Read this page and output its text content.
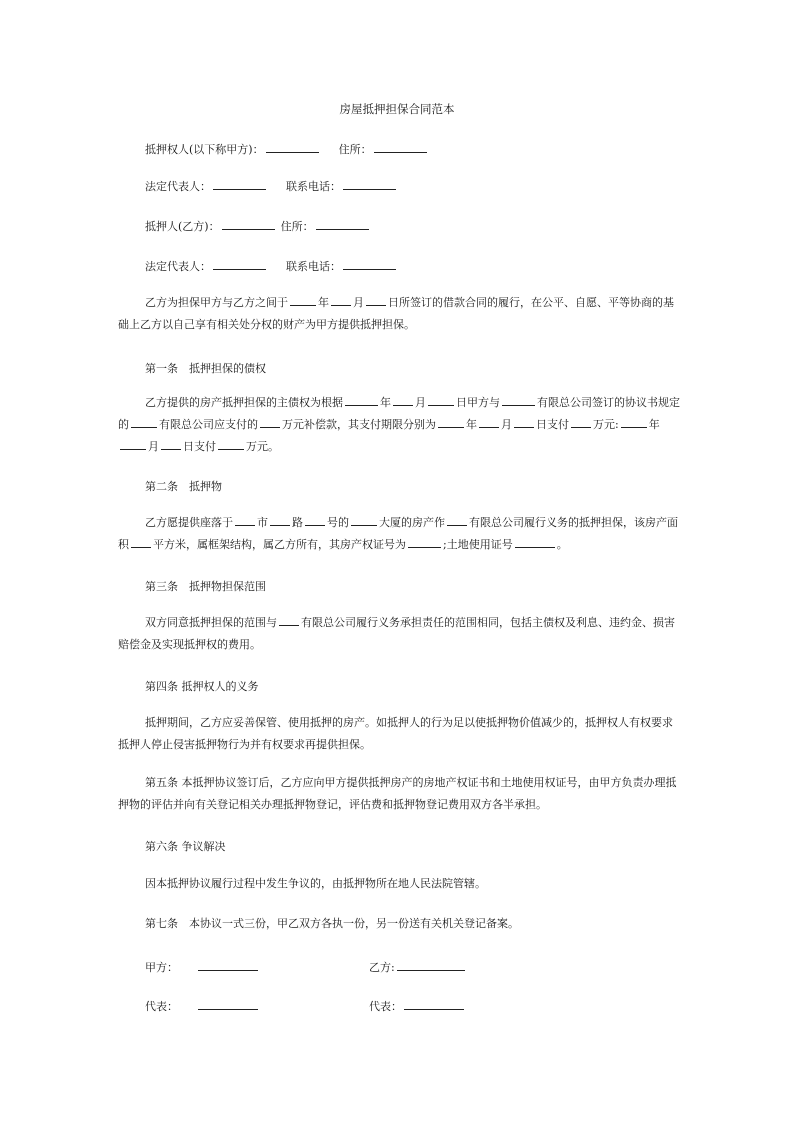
房屋抵押担保合同范本
抵押权人(以下称甲方)：	住所：
法定代表人：	联系电话：
抵押人(乙方)：	住所：
法定代表人：	联系电话：
乙方为担保甲方与乙方之间于	年 月 日所签订的借款合同的履行，在公平、自愿、平等协商的基础上乙方以自己享有相关处分权的财产为甲方提供抵押担保。
第一条　抵押担保的债权
乙方提供的房产抵押担保的主债权为根据	年 月	日甲方与	有限总公司签订的协议书规定的	有限总公司应支付的 万元补偿款，其支付期限分别为	年 月 日支付 万元:	年月 日支付	万元。
第二条　抵押物
乙方愿提供座落于 市 路 号的	大厦的房产作 有限总公司履行义务的抵押担保，该房产面积 平方米，属框架结构，属乙方所有，其房产权证号为	;土地使用证号	。
第三条　抵押物担保范围
双方同意抵押担保的范围与 有限总公司履行义务承担责任的范围相同，包括主债权及利息、违约金、损害赔偿金及实现抵押权的费用。
第四条 抵押权人的义务
抵押期间，乙方应妥善保管、使用抵押的房产。如抵押人的行为足以使抵押物价值减少的，抵押权人有权要求抵押人停止侵害抵押物行为并有权要求再提供担保。
第五条 本抵押协议签订后，乙方应向甲方提供抵押房产的房地产权证书和土地使用权证号，由甲方负责办理抵押物的评估并向有关登记相关办理抵押物登记，评估费和抵押物登记费用双方各半承担。
第六条 争议解决
因本抵押协议履行过程中发生争议的，由抵押物所在地人民法院管辖。
第七条　本协议一式三份，甲乙双方各执一份，另一份送有关机关登记备案。
甲方：	乙方:
代表：	代表：
